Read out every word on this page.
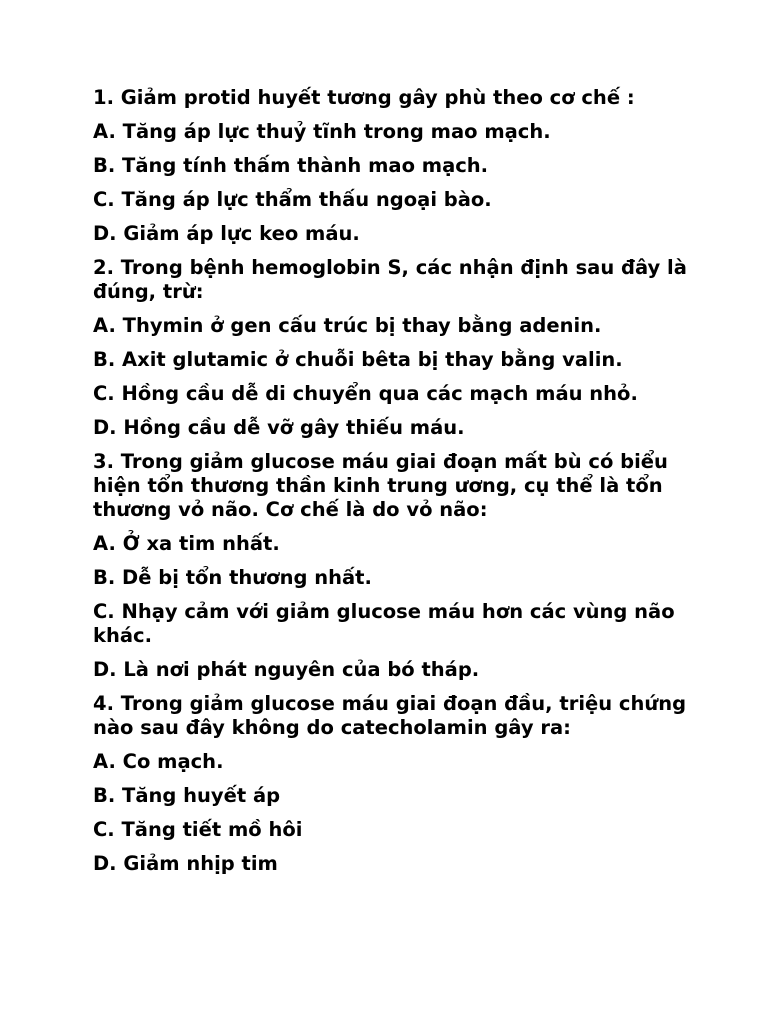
1. Giảm protid huyết tương gây phù theo cơ chế :

A. Tăng áp lực thuỷ tĩnh trong mao mạch.

B. Tăng tính thấm thành mao mạch.

C. Tăng áp lực thẩm thấu ngoại bào.

D. Giảm áp lực keo máu.

2. Trong bệnh hemoglobin S, các nhận định sau đây là đúng, trừ:

A. Thymin ở gen cấu trúc bị thay bằng adenin.

B. Axit glutamic ở chuỗi bêta bị thay bằng valin.

C. Hồng cầu dễ di chuyển qua các mạch máu nhỏ.

D. Hồng cầu dễ vỡ gây thiếu máu.

3. Trong giảm glucose máu giai đoạn mất bù có biểu hiện tổn thương thần kinh trung ương, cụ thể là tổn thương vỏ não. Cơ chế là do vỏ não:

A. Ở xa tim nhất.

B. Dễ bị tổn thương nhất.

C. Nhạy cảm với giảm glucose máu hơn các vùng não khác.

D. Là nơi phát nguyên của bó tháp.

4. Trong giảm glucose máu giai đoạn đầu, triệu chứng nào sau đây không do catecholamin gây ra:

A. Co mạch.

B. Tăng huyết áp

C. Tăng tiết mồ hôi

D. Giảm nhịp tim
